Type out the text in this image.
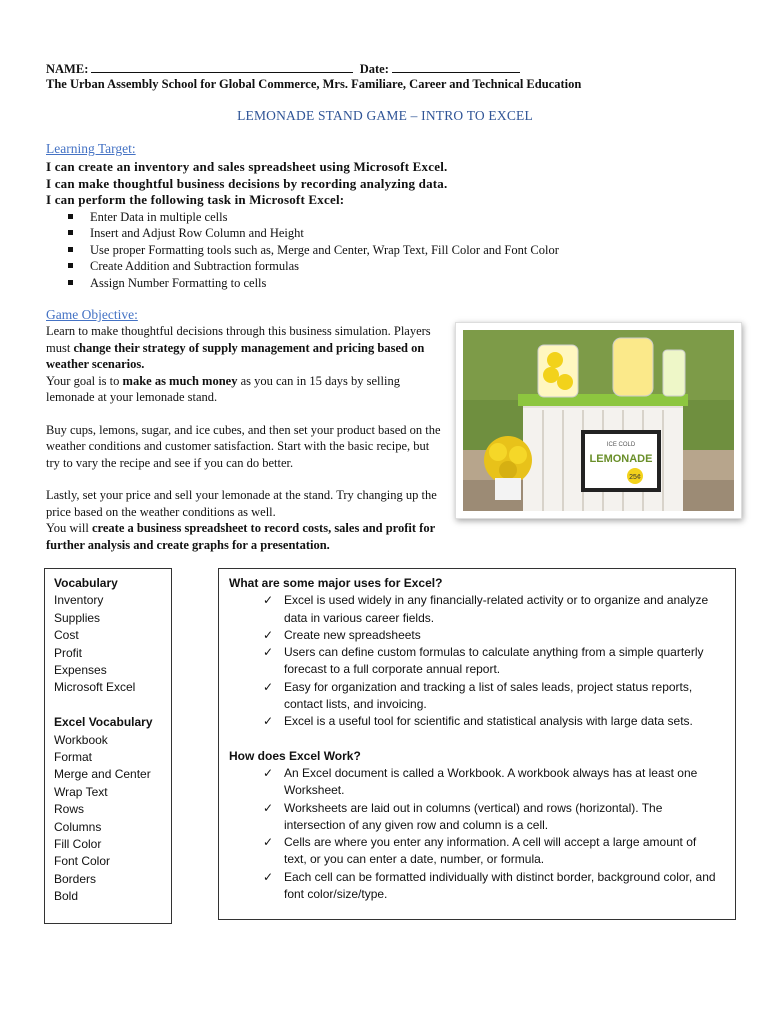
NAME:	Date:
The Urban Assembly School for Global Commerce, Mrs. Familiare, Career and Technical Education
LEMONADE STAND GAME – INTRO TO EXCEL
Learning Target:
I can create an inventory and sales spreadsheet using Microsoft Excel.
I can make thoughtful business decisions by recording analyzing data.
I can perform the following task in Microsoft Excel:
Enter Data in multiple cells
Insert and Adjust Row Column and Height
Use proper Formatting tools such as, Merge and Center, Wrap Text, Fill Color and Font Color
Create Addition and Subtraction formulas
Assign Number Formatting to cells
Game Objective:
Learn to make thoughtful decisions through this business simulation. Players must change their strategy of supply management and pricing based on weather scenarios.
Your goal is to make as much money as you can in 15 days by selling lemonade at your lemonade stand.
Buy cups, lemons, sugar, and ice cubes, and then set your product based on the weather conditions and customer satisfaction. Start with the basic recipe, but try to vary the recipe and see if you can do better.
Lastly, set your price and sell your lemonade at the stand. Try changing up the price based on the weather conditions as well.
You will create a business spreadsheet to record costs, sales and profit for further analysis and create graphs for a presentation.
ICE COLD
LEMONADE
25¢
Vocabulary
Inventory
Supplies
Cost
Profit
Expenses
Microsoft Excel
Excel Vocabulary
Workbook
Format
Merge and Center
Wrap Text
Rows
Columns
Fill Color
Font Color
Borders
Bold
What are some major uses for Excel?
✓ Excel is used widely in any financially-related activity or to organize and analyze data in various career fields.
✓ Create new spreadsheets
✓ Users can define custom formulas to calculate anything from a simple quarterly forecast to a full corporate annual report.
✓ Easy for organization and tracking a list of sales leads, project status reports, contact lists, and invoicing.
✓ Excel is a useful tool for scientific and statistical analysis with large data sets.
How does Excel Work?
✓ An Excel document is called a Workbook. A workbook always has at least one Worksheet.
✓ Worksheets are laid out in columns (vertical) and rows (horizontal). The intersection of any given row and column is a cell.
✓ Cells are where you enter any information. A cell will accept a large amount of text, or you can enter a date, number, or formula.
✓ Each cell can be formatted individually with distinct border, background color, and font color/size/type.
